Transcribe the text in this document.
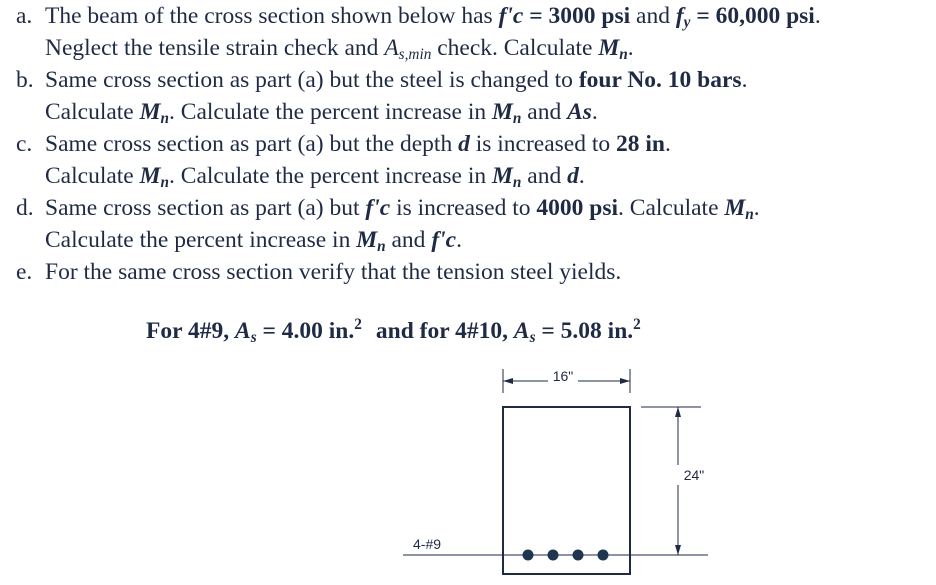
a. The beam of the cross section shown below has f'c = 3000 psi and $f_y = 60,000$ psi.
Neglect the tensile strain check and $A_{s,min}$ check. Calculate $M_n$.
b. Same cross section as part (a) but the steel is changed to four No. 10 bars.
Calculate $M_n$. Calculate the percent increase in $M_n$ and As.
c. Same cross section as part (a) but the depth d is increased to 28 in.
Calculate $M_n$. Calculate the percent increase in $M_n$ and d.
d. Same cross section as part (a) but f'c is increased to 4000 psi. Calculate $M_n$.
Calculate the percent increase in $M_n$ and f'c.
e. For the same cross section verify that the tension steel yields.
For 4#9, $A_s = 4.00$ in.$^2$ and for 4#10, $A_s = 5.08$ in.$^2$
16"
24"
4-#9
